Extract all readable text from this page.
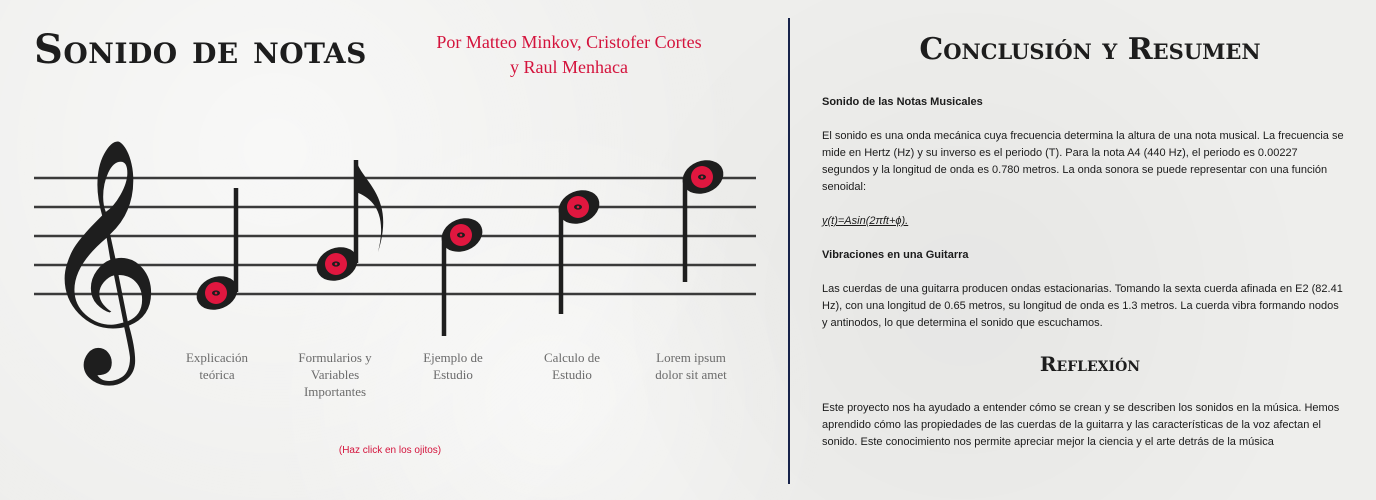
Sonido de notas	Por Matteo Minkov, Cristofer Cortes
y Raul Menhaca
𝄞	Explicación
teórica
Formularios y
Variables
Importantes
Ejemplo de
Estudio
Calculo de
Estudio
Lorem ipsum
dolor sit amet
(Haz click en los ojitos)
Conclusión y Resumen

Sonido de las Notas Musicales

El sonido es una onda mecánica cuya frecuencia determina la altura de una nota musical. La frecuencia se mide en Hertz (Hz) y su inverso es el periodo (T). Para la nota A4 (440 Hz), el periodo es 0.00227 segundos y la longitud de onda es 0.780 metros. La onda sonora se puede representar con una función senoidal:

y(t)=Asin(2πft+ϕ).

Vibraciones en una Guitarra

Las cuerdas de una guitarra producen ondas estacionarias. Tomando la sexta cuerda afinada en E2 (82.41 Hz), con una longitud de 0.65 metros, su longitud de onda es 1.3 metros. La cuerda vibra formando nodos y antinodos, lo que determina el sonido que escuchamos.

Reflexión
Este proyecto nos ha ayudado a entender cómo se crean y se describen los sonidos en la música. Hemos aprendido cómo las propiedades de las cuerdas de la guitarra y las características de la voz afectan el sonido. Este conocimiento nos permite apreciar mejor la ciencia y el arte detrás de la música
